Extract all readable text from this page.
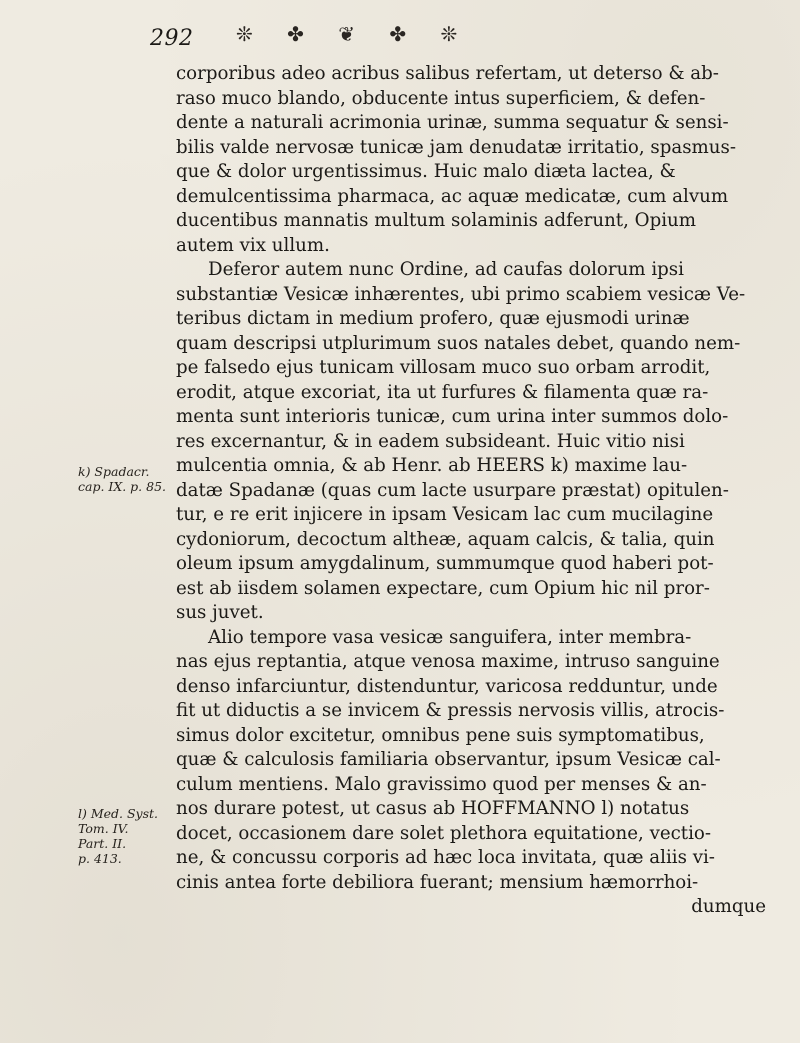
292 ❊ ✤ ❦ ✤ ❊
corporibus adeo acribus salibus refertam, ut deterso & ab-
raso muco blando, obducente intus superficiem, & defen-
dente a naturali acrimonia urinæ, summa sequatur & sensi-
bilis valde nervosæ tunicæ jam denudatæ irritatio, spasmus-
que & dolor urgentissimus. Huic malo diæta lactea, &
demulcentissima pharmaca, ac aquæ medicatæ, cum alvum
ducentibus mannatis multum solaminis adferunt, Opium
autem vix ullum.
Deferor autem nunc Ordine, ad caufas dolorum ipsi
substantiæ Vesicæ inhærentes, ubi primo scabiem vesicæ Ve-
teribus dictam in medium profero, quæ ejusmodi urinæ
quam descripsi utplurimum suos natales debet, quando nem-
pe falsedo ejus tunicam villosam muco suo orbam arrodit,
erodit, atque excoriat, ita ut furfures & filamenta quæ ra-
menta sunt interioris tunicæ, cum urina inter summos dolo-
res excernantur, & in eadem subsideant. Huic vitio nisi
mulcentia omnia, & ab Henr. ab HEERS k) maxime lau-
datæ Spadanæ (quas cum lacte usurpare præstat) opitulen-
tur, e re erit injicere in ipsam Vesicam lac cum mucilagine
cydoniorum, decoctum altheæ, aquam calcis, & talia, quin
oleum ipsum amygdalinum, summumque quod haberi pot-
est ab iisdem solamen expectare, cum Opium hic nil pror-
sus juvet.
Alio tempore vasa vesicæ sanguifera, inter membra-
nas ejus reptantia, atque venosa maxime, intruso sanguine
denso infarciuntur, distenduntur, varicosa redduntur, unde
fit ut diductis a se invicem & pressis nervosis villis, atrocis-
simus dolor excitetur, omnibus pene suis symptomatibus,
quæ & calculosis familiaria observantur, ipsum Vesicæ cal-
culum mentiens. Malo gravissimo quod per menses & an-
nos durare potest, ut casus ab HOFFMANNO l) notatus
docet, occasionem dare solet plethora equitatione, vectio-
ne, & concussu corporis ad hæc loca invitata, quæ aliis vi-
cinis antea forte debiliora fuerant; mensium hæmorrhoi-
dumque
k) Spadacr.
cap. IX. p. 85.
l) Med. Syst.
Tom. IV.
Part. II.
p. 413.
